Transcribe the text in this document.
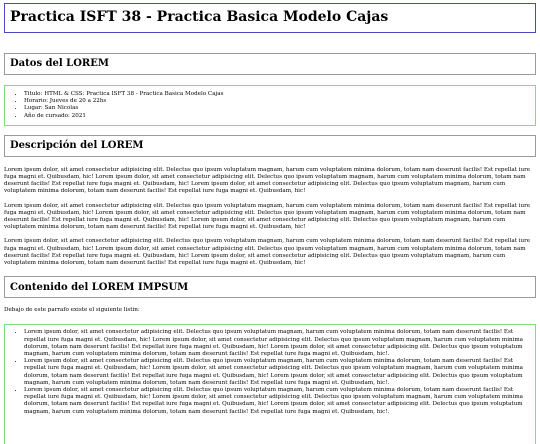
Practica ISFT 38 - Practica Basica Modelo Cajas
Datos del LOREM
• Titulo: HTML & CSS: Practica ISFT 38 - Practica Basica Modelo Cajas
• Horario: Jueves de 20 a 22hs
• Lugar: San Nicolas
• Año de cursado: 2021
Descripción del LOREM

Lorem ipsum dolor, sit amet consectetur adipisicing elit. Delectus quo ipsum voluptatum magnam, harum cum voluptatem minima dolorum, totam nam deserunt facilis! Est repellat iure fuga magni et. Quibusdam, hic! Lorem ipsum dolor, sit amet consectetur adipisicing elit. Delectus quo ipsum voluptatum magnam, harum cum voluptatem minima dolorum, totam nam deserunt facilis! Est repellat iure fuga magni et. Quibusdam, hic! Lorem ipsum dolor, sit amet consectetur adipisicing elit. Delectus quo ipsum voluptatum magnam, harum cum voluptatem minima dolorum, totam nam deserunt facilis! Est repellat iure fuga magni et. Quibusdam, hic!

Lorem ipsum dolor, sit amet consectetur adipisicing elit. Delectus quo ipsum voluptatum magnam, harum cum voluptatem minima dolorum, totam nam deserunt facilis! Est repellat iure fuga magni et. Quibusdam, hic! Lorem ipsum dolor, sit amet consectetur adipisicing elit. Delectus quo ipsum voluptatum magnam, harum cum voluptatem minima dolorum, totam nam deserunt facilis! Est repellat iure fuga magni et. Quibusdam, hic! Lorem ipsum dolor, sit amet consectetur adipisicing elit. Delectus quo ipsum voluptatum magnam, harum cum voluptatem minima dolorum, totam nam deserunt facilis! Est repellat iure fuga magni et. Quibusdam, hic!

Lorem ipsum dolor, sit amet consectetur adipisicing elit. Delectus quo ipsum voluptatum magnam, harum cum voluptatem minima dolorum, totam nam deserunt facilis! Est repellat iure fuga magni et. Quibusdam, hic! Lorem ipsum dolor, sit amet consectetur adipisicing elit. Delectus quo ipsum voluptatum magnam, harum cum voluptatem minima dolorum, totam nam deserunt facilis! Est repellat iure fuga magni et. Quibusdam, hic! Lorem ipsum dolor, sit amet consectetur adipisicing elit. Delectus quo ipsum voluptatum magnam, harum cum voluptatem minima dolorum, totam nam deserunt facilis! Est repellat iure fuga magni et. Quibusdam, hic!

Contenido del LOREM IMPSUM

Debajo de este parrafo existe el siguiente listin:

• Lorem ipsum dolor, sit amet consectetur adipisicing elit. Delectus quo ipsum voluptatum magnam, harum cum voluptatem minima dolorum, totam nam deserunt facilis! Est repellat iure fuga magni et. Quibusdam, hic! Lorem ipsum dolor, sit amet consectetur adipisicing elit. Delectus quo ipsum voluptatum magnam, harum cum voluptatem minima dolorum, totam nam deserunt facilis! Est repellat iure fuga magni et. Quibusdam, hic! Lorem ipsum dolor, sit amet consectetur adipisicing elit. Delectus quo ipsum voluptatum magnam, harum cum voluptatem minima dolorum, totam nam deserunt facilis! Est repellat iure fuga magni et. Quibusdam, hic!.
• Lorem ipsum dolor, sit amet consectetur adipisicing elit. Delectus quo ipsum voluptatum magnam, harum cum voluptatem minima dolorum, totam nam deserunt facilis! Est repellat iure fuga magni et. Quibusdam, hic! Lorem ipsum dolor, sit amet consectetur adipisicing elit. Delectus quo ipsum voluptatum magnam, harum cum voluptatem minima dolorum, totam nam deserunt facilis! Est repellat iure fuga magni et. Quibusdam, hic! Lorem ipsum dolor, sit amet consectetur adipisicing elit. Delectus quo ipsum voluptatum magnam, harum cum voluptatem minima dolorum, totam nam deserunt facilis! Est repellat iure fuga magni et. Quibusdam, hic!.
• Lorem ipsum dolor, sit amet consectetur adipisicing elit. Delectus quo ipsum voluptatum magnam, harum cum voluptatem minima dolorum, totam nam deserunt facilis! Est repellat iure fuga magni et. Quibusdam, hic! Lorem ipsum dolor, sit amet consectetur adipisicing elit. Delectus quo ipsum voluptatum magnam, harum cum voluptatem minima dolorum, totam nam deserunt facilis! Est repellat iure fuga magni et. Quibusdam, hic! Lorem ipsum dolor, sit amet consectetur adipisicing elit. Delectus quo ipsum voluptatum magnam, harum cum voluptatem minima dolorum, totam nam deserunt facilis! Est repellat iure fuga magni et. Quibusdam, hic!.
